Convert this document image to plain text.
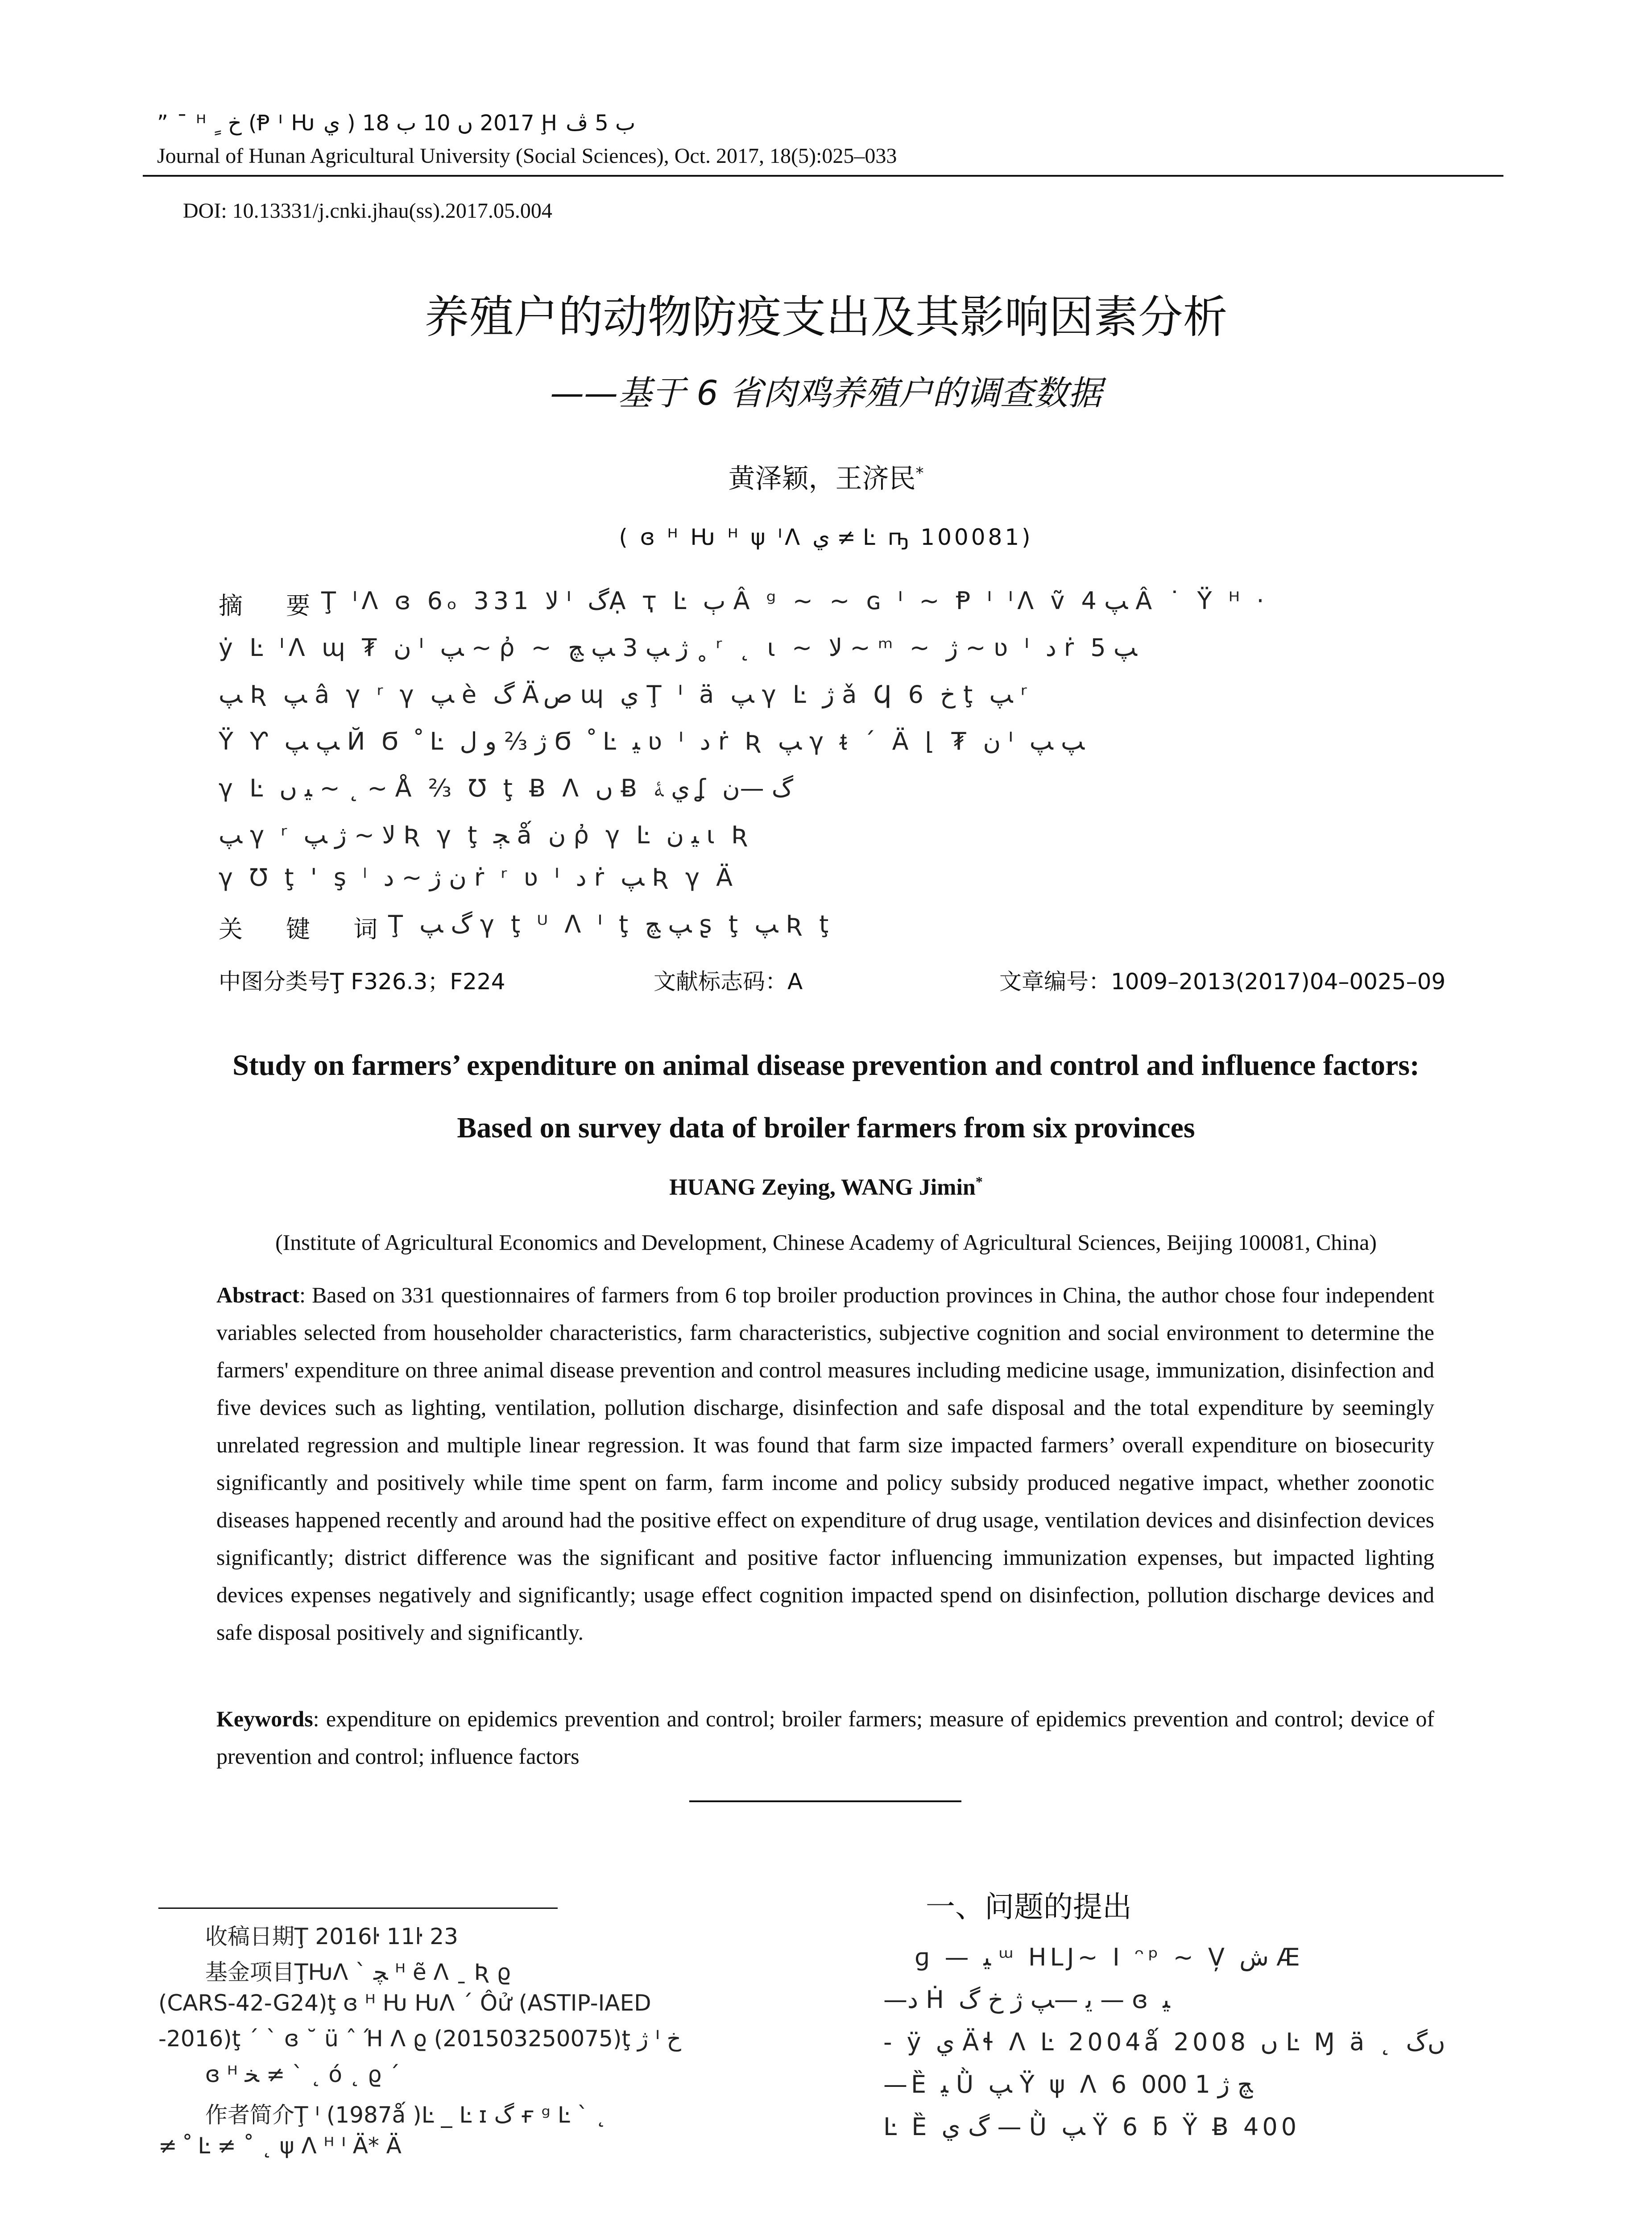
” ¯ ᴴ ﺥ ﹴ (Ᵽ ᑊ Ƕ ﻱ ) 2017 ں 10 ﺏ 18 Ḩ ﺏ 5 ﭪ
Journal of Hunan Agricultural University (Social Sciences), Oct. 2017, 18(5):025–033
DOI: 10.13331/j.cnki.jhau(ss).2017.05.004
养殖户的动物防疫支出及其影响因素分析
——基于 6 省肉鸡养殖户的调查数据
黄泽颖，王济民*
( ɞ ᴴ Ƕ ᴴ ψ ᑊᐱ ﻱ ≠ Ŀ ҧ 100081)
摘 要
Ţ ᑊᐱ ɞ 6ₒ 331 ﻻ ᑊ ﮒẠ ҭ Ŀ ﭒ Â ᵍ ~ ~ ɢ ᑊ ~ Ᵽ ᑊ ᑊᐱ ṽ ﭗ 4 Â ˙ Ÿ ᴴ ·
ẏ Ŀ ᑊᐱ ɰ ₮ ﻥ ᑊ ﭗ ~ ῤ ~ ﮊ ﭗ 3 ﭗ ﭻ ˳ ʳ ˛ ɩ ~ ﻻ ~ ᵐ ~ ﮊ ~ ʋ ᑊ ﺩ ṙ ﭗ 5
ﭗ Ʀ ﭗ â γ ʳ γ ﭗ è ﮒ Äﺹ ɰ ﻱ Ţ ᑊ ä ﭗ γ Ŀ ﮊ ǎ Ϥ 6 ﺥ ţ ﭗ ʳ
Ÿ Ƴ ﭗ ﭗ Й Ϭ ﹾ Ŀ ﮊ ⅔ ﻭ ﻝ Ϭ ﹾ Ŀ ﻴ ʋ ᑊ ﺩ ṙ Ʀ ﭗ γ ᵵ ˊ Ä ⌊ ₮ ﻥ ᑊ ﭗ ﭗ
γ Ŀ ﻴ ں ~ ˛ ~ Å ⅔ Ʊ ţ Ƀ ᐱ ں Ƀ ﻱ ﮥ ʆ ﮒ —ﻥ
ﭗ γ ʳ ﻻ ~ ﮊ ﭗ Ʀ γ ţ ﭵ ǻ ﻥ ῤ γ Ŀ ﻴ ﻥ ɩ Ʀ
γ Ʊ ţ ' ş ˡ ﻥ ﮊ ~ ﺩ ṙ ʳ ʋ ᑊ ﺩ ṙ ﭗ Ʀ γ Ä
关 键 词
Ţ ﮒ ﭗ γ ţ ᵁ ᐱ ᑊ ţ ﭗ ﭻ ʂ ţ ﭗ Ʀ ţ
中图分类号Ţ F326.3；F224	文献标志码：A	文章编号：1009–2013(2017)04–0025–09
Study on farmers’ expenditure on animal disease prevention and control and influence factors:
Based on survey data of broiler farmers from six provinces
HUANG Zeying, WANG Jimin*
(Institute of Agricultural Economics and Development, Chinese Academy of Agricultural Sciences, Beijing 100081, China)
Abstract: Based on 331 questionnaires of farmers from 6 top broiler production provinces in China, the author chose four independent variables selected from householder characteristics, farm characteristics, subjective cognition and social environment to determine the farmers' expenditure on three animal disease prevention and control measures including medicine usage, immunization, disinfection and five devices such as lighting, ventilation, pollution discharge, disinfection and safe disposal and the total expenditure by seemingly unrelated regression and multiple linear regression. It was found that farm size impacted farmers’ overall expenditure on biosecurity significantly and positively while time spent on farm, farm income and policy subsidy produced negative impact, whether zoonotic diseases happened recently and around had the positive effect on expenditure of drug usage, ventilation devices and disinfection devices significantly; district difference was the significant and positive factor influencing immunization expenses, but impacted lighting devices expenses negatively and significantly; usage effect cognition impacted spend on disinfection, pollution discharge devices and safe disposal positively and significantly.
Keywords: expenditure on epidemics prevention and control; broiler farmers; measure of epidemics prevention and control; device of prevention and control; influence factors
收稿日期Ţ 2016ŀ 11ŀ 23
基金项目ŢǶᐱ ˋ ﭽ ᴴ ẽ ᐱ ˍ Ʀ ϱ
(CARS-42-G24)ţ ɞ ᴴ Ƕ Ƕᐱ ˊ Ôử (ASTIP-IAED
-2016)ţ ˊ ˋ ɞ ˘ ü ˆ Ή ᐱ ϱ (201503250075)ţ ﮊ ᑊ ﺥ
ɞ ᴴ ﺨ ≠ ˋ ˛ ó ˛ ϱ ˊ
作者简介Ţ ᑊ (1987ǻ )Ŀ _ Ŀ ɪ ﮒ ғ ᵍ Ŀ ˋ ˛
≠ ﹾ Ŀ ≠ ˚ ˛ ψ ᐱ ᴴ ᑊ Ä* Ä
一、问题的提出
ɡ — ﻴ ᵚ HLJ~ I ᵔᵖ ~ V̦ ﺵ Æ
—ﺩ Ḣ ﻳ —ﭗ ﮊ ﺥ ﮒ — ɞ ﻴ
- ÿ ﻱ Äɬ ᐱ Ŀ 2004ǻ 2008 ں Ŀ Ɱ ä ˛ ںﮒ
—Ȅ ﻴ Ǜ ﭗ Ÿ ψ ᐱ 6 ﭻ ﮊ 1 000
Ŀ Ȅ ﮒ ﻱ — Ǜ ﭗ Ÿ 6 ƃ Ÿ Ƀ 400
